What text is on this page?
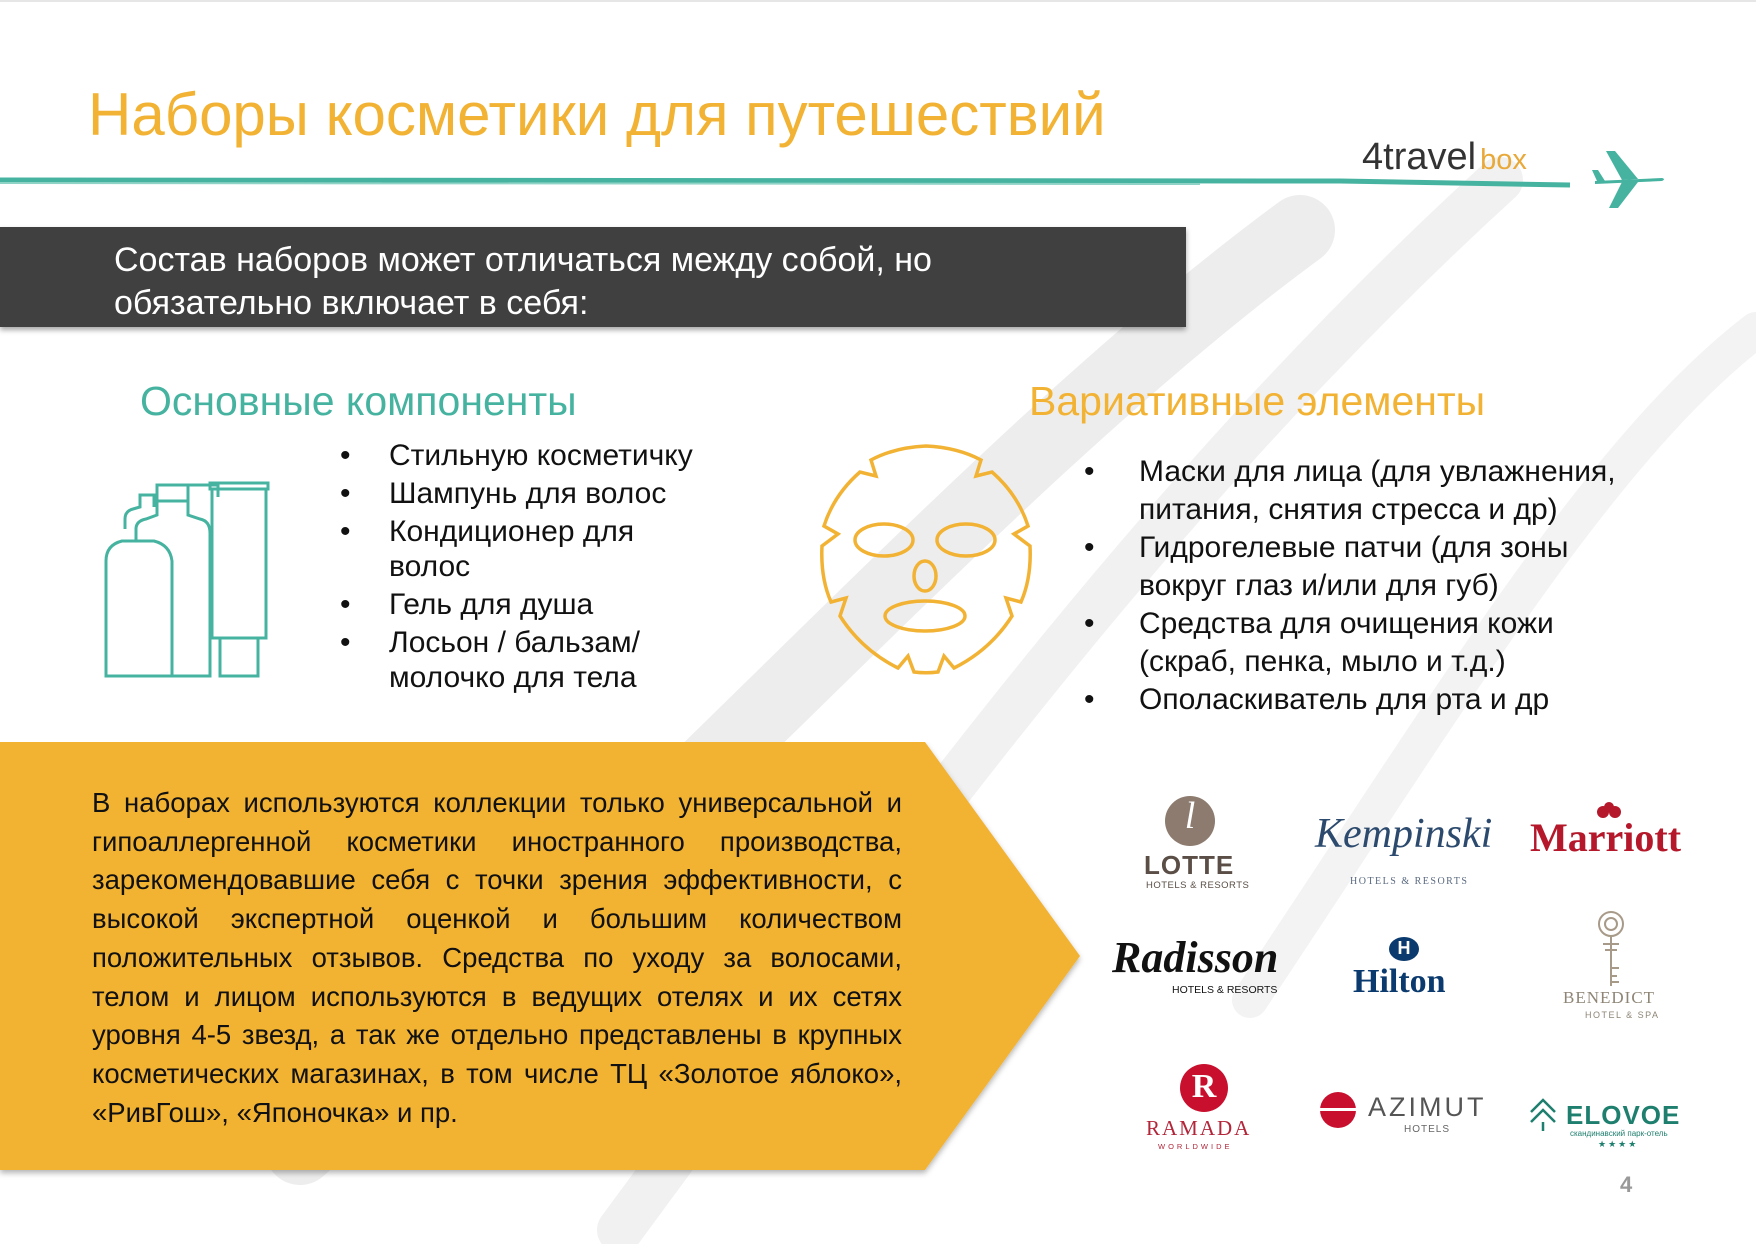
Наборы косметики для путешествий
4travel box
Состав наборов может отличаться между собой, но
обязательно включает в себя:
Основные компоненты
• Стильную косметичку
• Шампунь для волос
• Кондиционер для
волос
• Гель для душа
• Лосьон / бальзам/
молочко для тела
Вариативные элементы
• Маски для лица (для увлажнения,
питания, снятия стресса и др)
• Гидрогелевые патчи (для зоны
вокруг глаз и/или для губ)
• Средства для очищения кожи
(скраб, пенка, мыло и т.д.)
• Ополаскиватель для рта и др
В наборах используются коллекции только универсальной и гипоаллергенной косметики иностранного производства, зарекомендовавшие себя с точки зрения эффективности, с высокой экспертной оценкой и большим количеством положительных отзывов. Средства по уходу за волосами, телом и лицом используются в ведущих отелях и их сетях уровня 4-5 звезд, а так же отдельно представлены в крупных косметических магазинах, в том числе ТЦ «Золотое яблоко», «РивГош», «Японочка» и пр.
l
LOTTE
HOTELS & RESORTS
Kempinski
HOTELS & RESORTS
Marriott
Radisson
HOTELS & RESORTS
H
Hilton	BENEDICT
HOTEL & SPA
R
RAMADA
WORLDWIDE
AZIMUT
HOTELS	ELOVOE
скандинавский парк-отель
★★★★
4
